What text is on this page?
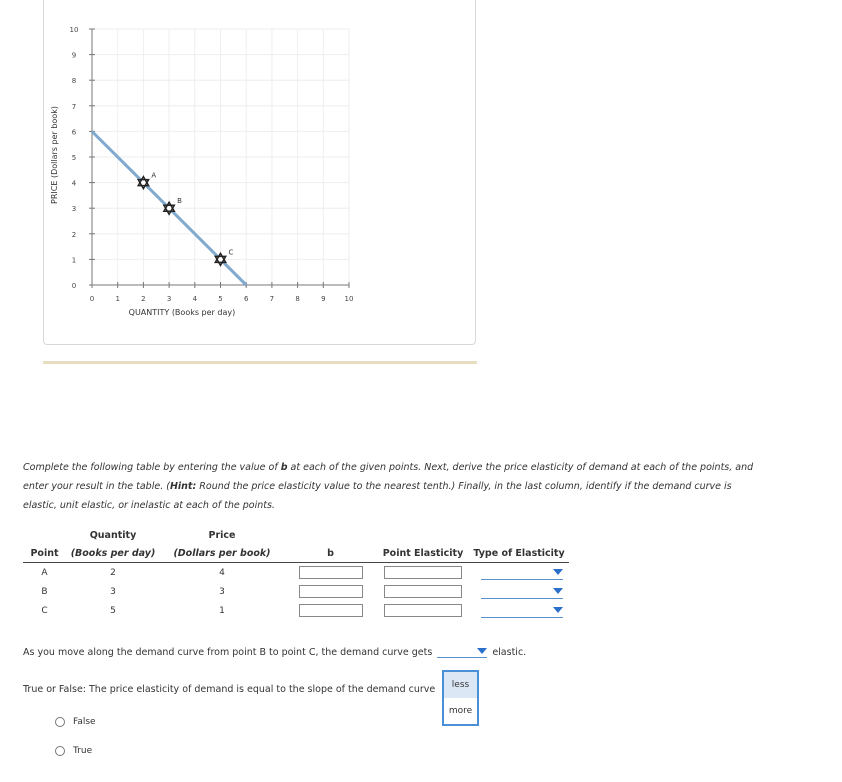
0	1	2	3	4	5	6	7	8	9	10
0
1
2
3
4
5
6
7
8
9
10
QUANTITY (Books per day)
PRICE (Dollars per book)	A
B
C
Complete the following table by entering the value of b at each of the given points. Next, derive the price elasticity of demand at each of the points, and enter your result in the table. (Hint: Round the price elasticity value to the nearest tenth.) Finally, in the last column, identify if the demand curve is elastic, unit elastic, or inelastic at each of the points.
	Quantity	Price			
Point	(Books per day)	(Dollars per book)	b	Point Elasticity	Type of Elasticity
A	2	4			

B	3	3			

C	5	1			
As you move along the demand curve from point B to point C, the demand curve gets	elastic.
True or False: The price elasticity of demand is equal to the slope of the demand curve	less
more
False
True
